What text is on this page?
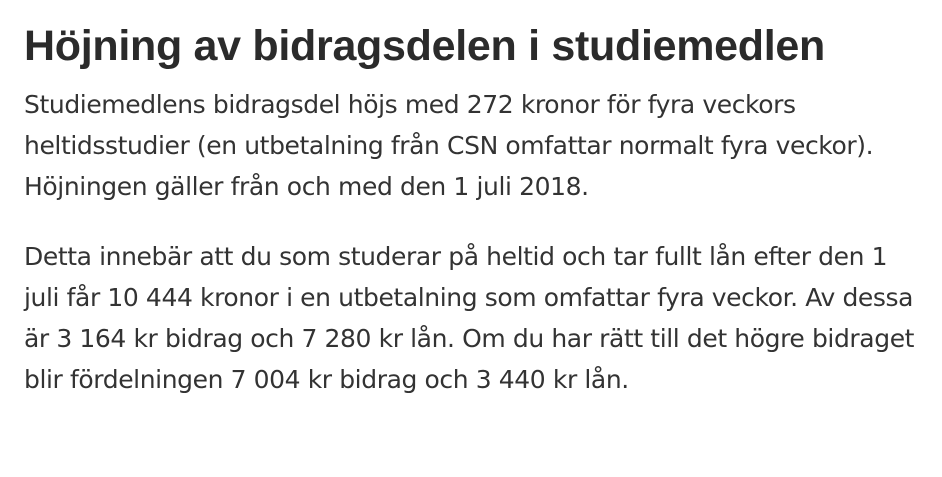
Höjning av bidragsdelen i studiemedlen

Studiemedlens bidragsdel höjs med 272 kronor för fyra veckors heltidsstudier (en utbetalning från CSN omfattar normalt fyra veckor). Höjningen gäller från och med den 1 juli 2018.

Detta innebär att du som studerar på heltid och tar fullt lån efter den 1 juli får 10 444 kronor i en utbetalning som omfattar fyra veckor. Av dessa är 3 164 kr bidrag och 7 280 kr lån. Om du har rätt till det högre bidraget blir fördelningen 7 004 kr bidrag och 3 440 kr lån.
